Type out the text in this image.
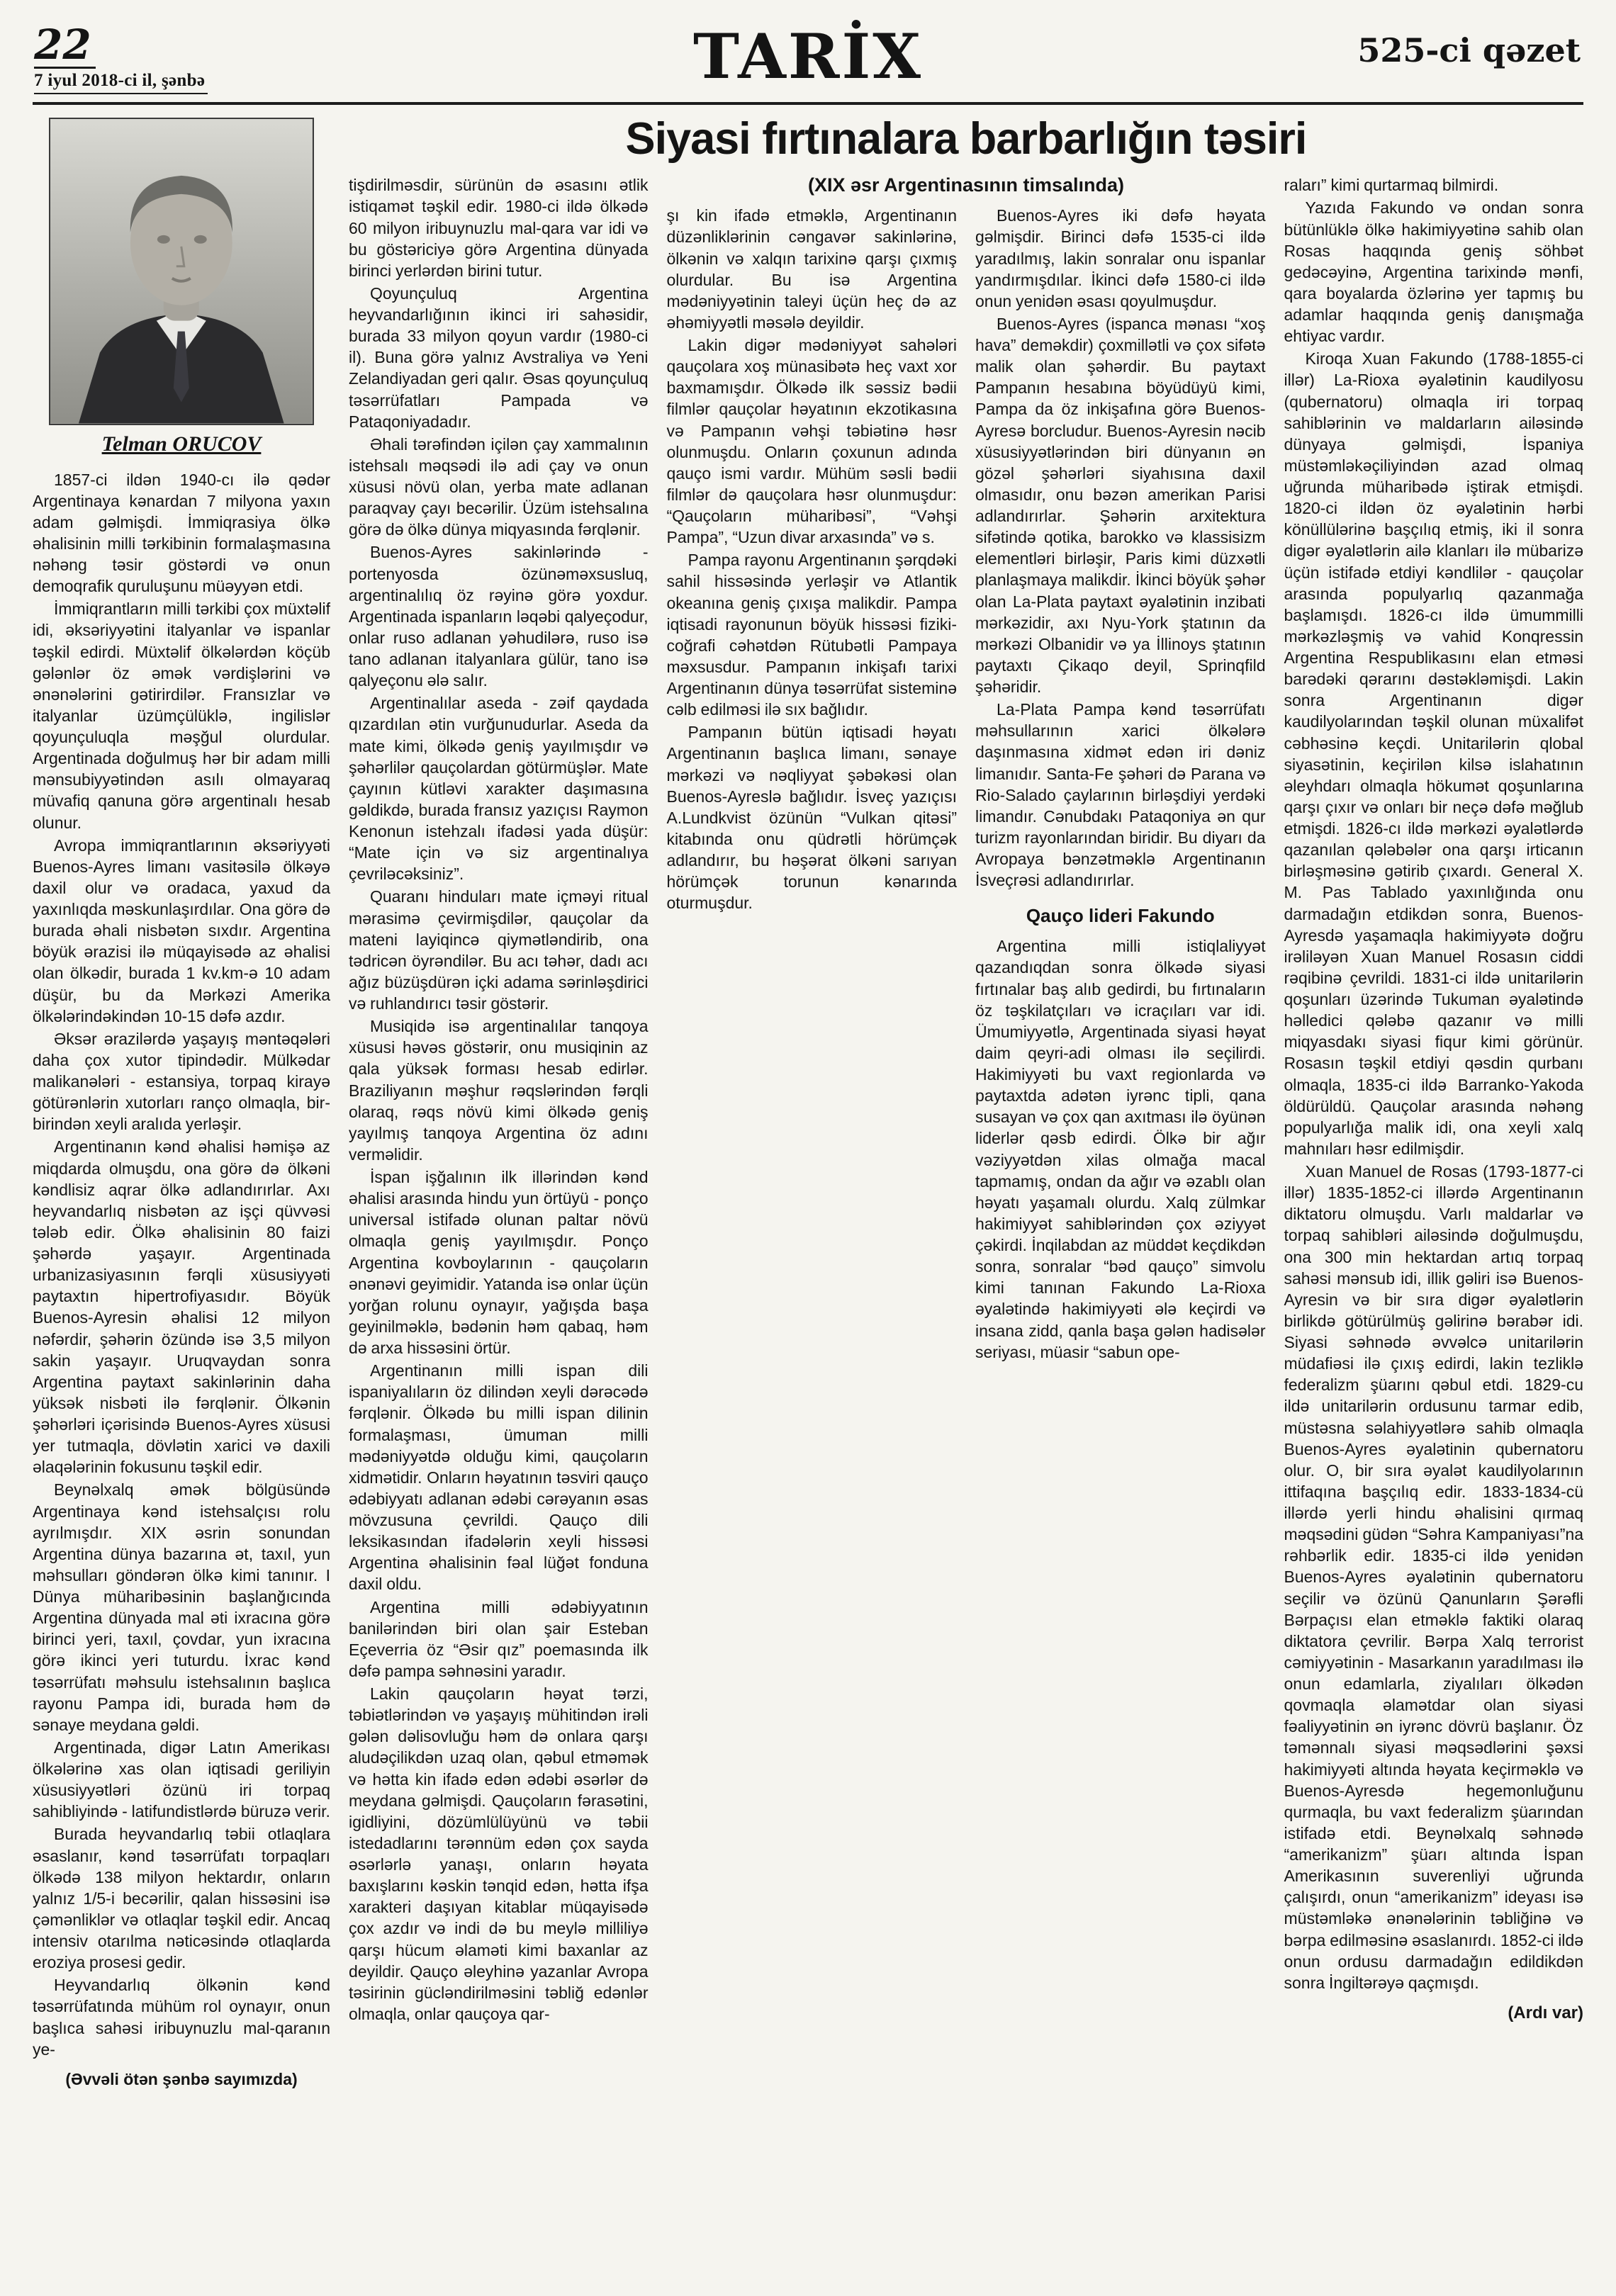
22
7 iyul 2018-ci il, şənbə	TARİX	525-ci qəzet
Telman ORUCOV

1857-ci ildən 1940-cı ilə qədər Argentinaya kənardan 7 milyona yaxın adam gəlmişdi. İmmiqrasiya ölkə əhalisinin milli tərkibinin formalaşmasına nəhəng təsir göstərdi və onun demoqrafik quruluşunu müəyyən etdi.

İmmiqrantların milli tərkibi çox müxtəlif idi, əksəriyyətini italyanlar və ispanlar təşkil edirdi. Müxtəlif ölkələrdən köçüb gələnlər öz əmək vərdişlərini və ənənələrini gətirirdilər. Fransızlar və italyanlar üzümçülüklə, ingilislər qoyunçuluqla məşğul olurdular. Argentinada doğulmuş hər bir adam milli mənsubiyyətindən asılı olmayaraq müvafiq qanuna görə argentinalı hesab olunur.

Avropa immiqrantlarının əksəriyyəti Buenos-Ayres limanı vasitəsilə ölkəyə daxil olur və oradaca, yaxud da yaxınlıqda məskunlaşırdılar. Ona görə də burada əhali nisbətən sıxdır. Argentina böyük ərazisi ilə müqayisədə az əhalisi olan ölkədir, burada 1 kv.km-ə 10 adam düşür, bu da Mərkəzi Amerika ölkələrindəkindən 10-15 dəfə azdır.

Əksər ərazilərdə yaşayış məntəqələri daha çox xutor tipindədir. Mülkədar malikanələri - estansiya, torpaq kirayə götürənlərin xutorları rançо olmaqla, bir-birindən xeyli aralıda yerləşir.

Argentinanın kənd əhalisi həmişə az miqdarda olmuşdu, ona görə də ölkəni kəndlisiz aqrar ölkə adlandırırlar. Axı heyvandarlıq nisbətən az işçi qüvvəsi tələb edir. Ölkə əhalisinin 80 faizi şəhərdə yaşayır. Argentinada urbanizasiyasının fərqli xüsusiyyəti paytaxtın hipertrofiyasıdır. Böyük Buenos-Ayresin əhalisi 12 milyon nəfərdir, şəhərin özündə isə 3,5 milyon sakin yaşayır. Uruqvaydan sonra Argentina paytaxt sakinlərinin daha yüksək nisbəti ilə fərqlənir. Ölkənin şəhərləri içərisində Buenos-Ayres xüsusi yer tutmaqla, dövlətin xarici və daxili əlaqələrinin fokusunu təşkil edir.

Beynəlxalq əmək bölgüsündə Argentinaya kənd istehsalçısı rolu ayrılmışdır. XIX əsrin sonundan Argentina dünya bazarına ət, taxıl, yun məhsulları göndərən ölkə kimi tanınır. I Dünya müharibəsinin başlanğıcında Argentina dünyada mal əti ixracına görə birinci yeri, taxıl, çovdar, yun ixracına görə ikinci yeri tuturdu. İxrac kənd təsərrüfatı məhsulu istehsalının başlıca rayonu Pampa idi, burada həm də sənaye meydana gəldi.

Argentinada, digər Latın Amerikası ölkələrinə xas olan iqtisadi geriliyin xüsusiyyətləri özünü iri torpaq sahibliyində - latifundistlərdə büruzə verir.

Burada heyvandarlıq təbii otlaqlara əsaslanır, kənd təsərrüfatı torpaqları ölkədə 138 milyon hektardır, onların yalnız 1/5-i becərilir, qalan hissəsini isə çəmənliklər və otlaqlar təşkil edir. Ancaq intensiv otarılma nəticəsində otlaqlarda eroziya prosesi gedir.

Heyvandarlıq ölkənin kənd təsərrüfatında mühüm rol oynayır, onun başlıca sahəsi iribuynuzlu mal-qaranın ye-

(Əvvəli ötən şənbə sayımızda)
Siyasi fırtınalara barbarlığın təsiri

tişdirilməsdir, sürünün də əsasını ətlik istiqamət təşkil edir. 1980-ci ildə ölkədə 60 milyon iribuynuzlu mal-qara var idi və bu göstəriciyə görə Argentina dünyada birinci yerlərdən birini tutur.

Qoyunçuluq Argentina heyvandarlığının ikinci iri sahəsidir, burada 33 milyon qoyun vardır (1980-ci il). Buna görə yalnız Avstraliya və Yeni Zelandiyadan geri qalır. Əsas qoyunçuluq təsərrüfatları Pampada və Pataqoniyadadır.

Əhali tərəfindən içilən çay xammalının istehsalı məqsədi ilə adi çay və onun xüsusi növü olan, yerba mate adlanan paraqvay çayı becərilir. Üzüm istehsalına görə də ölkə dünya miqyasında fərqlənir.

Buenos-Ayres sakinlərində - portenyosda özünəməxsusluq, argentinalılıq öz rəyinə görə yoxdur. Argentinada ispanların ləqəbi qalyeçodur, onlar ruso adlanan yəhudilərə, ruso isə tano adlanan italyanlara gülür, tano isə qalyeçonu ələ salır.

Argentinalılar aseda - zəif qaydada qızardılan ətin vurğunudurlar. Aseda da mate kimi, ölkədə geniş yayılmışdır və şəhərlilər qauçolardan götürmüşlər. Mate çayının kütləvi xarakter daşımasına gəldikdə, burada fransız yazıçısı Raymon Kenonun istehzalı ifadəsi yada düşür: “Mate için və siz argentinalıya çevriləcəksiniz”.

Quaranı hinduları mate içməyi ritual mərasimə çevirmişdilər, qauçolar da mateni layiqincə qiymətləndirib, ona tədricən öyrəndilər. Bu acı təhər, dadı acı ağız büzüşdürən içki adama sərinləşdirici və ruhlandırıcı təsir göstərir.

Musiqidə isə argentinalılar tanqoya xüsusi həvəs göstərir, onu musiqinin az qala yüksək forması hesab edirlər. Braziliyanın məşhur rəqslərindən fərqli olaraq, rəqs növü kimi ölkədə geniş yayılmış tanqoya Argentina öz adını verməlidir.

İspan işğalının ilk illərindən kənd əhalisi arasında hindu yun örtüyü - ponço universal istifadə olunan paltar növü olmaqla geniş yayılmışdır. Ponço Argentina kovboylarının - qauçoların ənənəvi geyimidir. Yatanda isə onlar üçün yorğan rolunu oynayır, yağışda başa geyinilməklə, bədənin həm qabaq, həm də arxa hissəsini örtür.

Argentinanın milli ispan dili ispaniyalıların öz dilindən xeyli dərəcədə fərqlənir. Ölkədə bu milli ispan dilinin formalaşması, ümuman milli mədəniyyətdə olduğu kimi, qauçoların xidmətidir. Onların həyatının təsviri qauço ədəbiyyatı adlanan ədəbi cərəyanın əsas mövzusuna çevrildi. Qauço dili leksikasından ifadələrin xeyli hissəsi Argentina əhalisinin fəal lüğət fonduna daxil oldu.

Argentina milli ədəbiyyatının banilərindən biri olan şair Esteban Eçeverria öz “Əsir qız” poemasında ilk dəfə pampa səhnəsini yaradır.

Lakin qauçoların həyat tərzi, təbiətlərindən və yaşayış mühitindən irəli gələn dəlisovluğu həm də onlara qarşı aludəçilikdən uzaq olan, qəbul etməmək və hətta kin ifadə edən ədəbi əsərlər də meydana gəlmişdi. Qauçoların fərasətini, igidliyini, dözümlülüyünü və təbii istedadlarını tərənnüm edən çox sayda əsərlərlə yanaşı, onların həyata baxışlarını kəskin tənqid edən, hətta ifşa xarakteri daşıyan kitablar müqayisədə çox azdır və indi də bu meylə milliliyə qarşı hücum əlaməti kimi baxanlar az deyildir. Qauço əleyhinə yazanlar Avropa təsirinin gücləndirilməsini təbliğ edənlər olmaqla, onlar qauçoya qar-

(XIX əsr Argentinasının timsalında)

şı kin ifadə etməklə, Argentinanın düzənliklərinin cəngavər sakinlərinə, ölkənin və xalqın tarixinə qarşı çıxmış olurdular. Bu isə Argentina mədəniyyətinin taleyi üçün heç də az əhəmiyyətli məsələ deyildir.

Lakin digər mədəniyyət sahələri qauçolara xoş münasibətə heç vaxt xor baxmamışdır. Ölkədə ilk səssiz bədii filmlər qauçolar həyatının ekzotikasına və Pampanın vəhşi təbiətinə həsr olunmuşdu. Onların çoxunun adında qauço ismi vardır. Mühüm səsli bədii filmlər də qauçolara həsr olunmuşdur: “Qauçoların müharibəsi”, “Vəhşi Pampa”, “Uzun divar arxasında” və s.

Pampa rayonu Argentinanın şərqdəki sahil hissəsində yerləşir və Atlantik okeanına geniş çıxışa malikdir. Pampa iqtisadi rayonunun böyük hissəsi fiziki-coğrafi cəhətdən Rütubətli Pampaya məxsusdur. Pampanın inkişafı tarixi Argentinanın dünya təsərrüfat sisteminə cəlb edilməsi ilə sıx bağlıdır.

Pampanın bütün iqtisadi həyatı Argentinanın başlıca limanı, sənaye mərkəzi və nəqliyyat şəbəkəsi olan Buenos-Ayreslə bağlıdır. İsveç yazıçısı A.Lundkvist özünün “Vulkan qitəsi” kitabında onu qüdrətli hörümçək adlandırır, bu həşərat ölkəni sarıyan hörümçək torunun kənarında oturmuşdur.

Buenos-Ayres iki dəfə həyata gəlmişdir. Birinci dəfə 1535-ci ildə yaradılmış, lakin sonralar onu ispanlar yandırmışdılar. İkinci dəfə 1580-ci ildə onun yenidən əsası qoyulmuşdur.

Buenos-Ayres (ispanca mənası “xoş hava” deməkdir) çoxmillətli və çox sifətə malik olan şəhərdir. Bu paytaxt Pampanın hesabına böyüdüyü kimi, Pampa da öz inkişafına görə Buenos-Ayresə borcludur. Buenos-Ayresin nəcib xüsusiyyətlərindən biri dünyanın ən gözəl şəhərləri siyahısına daxil olmasıdır, onu bəzən amerikan Parisi adlandırırlar. Şəhərin arxitektura sifətində qotika, barokko və klassisizm elementləri birləşir, Paris kimi düzxətli planlaşmaya malikdir. İkinci böyük şəhər olan La-Plata paytaxt əyalətinin inzibati mərkəzidir, axı Nyu-York ştatının da mərkəzi Olbanidir və ya İllinoys ştatının paytaxtı Çikaqo deyil, Sprinqfild şəhəridir.

La-Plata Pampa kənd təsərrüfatı məhsullarının xarici ölkələrə daşınmasına xidmət edən iri dəniz limanıdır. Santa-Fe şəhəri də Parana və Rio-Salado çaylarının birləşdiyi yerdəki limandır. Cənubdakı Pataqoniya ən qur turizm rayonlarından biridir. Bu diyarı da Avropaya bənzətməklə Argentinanın İsveçrəsi adlandırırlar.

Qauço lideri Fakundo

Argentina milli istiqlaliyyət qazandıqdan sonra ölkədə siyasi fırtınalar baş alıb gedirdi, bu fırtınaların öz təşkilatçıları və icraçıları var idi. Ümumiyyətlə, Argentinada siyasi həyat daim qeyri-adi olması ilə seçilirdi. Hakimiyyəti bu vaxt regionlarda və paytaxtda adətən iyrənc tipli, qana susayan və çox qan axıtması ilə öyünən liderlər qəsb edirdi. Ölkə bir ağır vəziyyətdən xilas olmağa macal tapmamış, ondan da ağır və əzablı olan həyatı yaşamalı olurdu. Xalq zülmkar hakimiyyət sahiblərindən çox əziyyət çəkirdi. İnqilabdan az müddət keçdikdən sonra, sonralar “bəd qauço” simvolu kimi tanınan Fakundo La-Rioxa əyalətində hakimiyyəti ələ keçirdi və insana zidd, qanla başa gələn hadisələr seriyası, müasir “sabun ope-

raları” kimi qurtarmaq bilmirdi.

Yazıda Fakundo və ondan sonra bütünlüklə ölkə hakimiyyətinə sahib olan Rosas haqqında geniş söhbət gedəcəyinə, Argentina tarixində mənfi, qara boyalarda özlərinə yer tapmış bu adamlar haqqında geniş danışmağa ehtiyac vardır.

Kiroqa Xuan Fakundo (1788-1855-ci illər) La-Rioxa əyalətinin kaudilyosu (qubernatoru) olmaqla iri torpaq sahiblərinin və maldarların ailəsində dünyaya gəlmişdi, İspaniya müstəmləkəçiliyindən azad olmaq uğrunda müharibədə iştirak etmişdi. 1820-ci ildən öz əyalətinin hərbi könüllülərinə başçılıq etmiş, iki il sonra digər əyalətlərin ailə klanları ilə mübarizə üçün istifadə etdiyi kəndlilər - qauçolar arasında populyarlıq qazanmağa başlamışdı. 1826-cı ildə ümummilli mərkəzləşmiş və vahid Konqressin Argentina Respublikasını elan etməsi barədəki qərarını dəstəkləmişdi. Lakin sonra Argentinanın digər kaudilyolarından təşkil olunan müxalifət cəbhəsinə keçdi. Unitarilərin qlobal siyasətinin, keçirilən kilsə islahatının əleyhdarı olmaqla hökumət qoşunlarına qarşı çıxır və onları bir neçə dəfə məğlub etmişdi. 1826-cı ildə mərkəzi əyalətlərdə qazanılan qələbələr ona qarşı irticanın birləşməsinə gətirib çıxardı. General X. M. Pas Tablado yaxınlığında onu darmadağın etdikdən sonra, Buenos-Ayresdə yaşamaqla hakimiyyətə doğru irəliləyən Xuan Manuel Rosasın ciddi rəqibinə çevrildi. 1831-ci ildə unitarilərin qoşunları üzərində Tukuman əyalətində həlledici qələbə qazanır və milli miqyasdakı siyasi fiqur kimi görünür. Rosasın təşkil etdiyi qəsdin qurbanı olmaqla, 1835-ci ildə Barranko-Yakoda öldürüldü. Qauçolar arasında nəhəng populyarlığa malik idi, ona xeyli xalq mahnıları həsr edilmişdir.

Xuan Manuel de Rosas (1793-1877-ci illər) 1835-1852-ci illərdə Argentinanın diktatoru olmuşdu. Varlı maldarlar və torpaq sahibləri ailəsində doğulmuşdu, ona 300 min hektardan artıq torpaq sahəsi mənsub idi, illik gəliri isə Buenos-Ayresin və bir sıra digər əyalətlərin birlikdə götürülmüş gəlirinə bərabər idi. Siyasi səhnədə əvvəlcə unitarilərin müdafiəsi ilə çıxış edirdi, lakin tezliklə federalizm şüarını qəbul etdi. 1829-cu ildə unitarilərin ordusunu tarmar edib, müstəsna səlahiyyətlərə sahib olmaqla Buenos-Ayres əyalətinin qubernatoru olur. O, bir sıra əyalət kaudilyolarının ittifaqına başçılıq edir. 1833-1834-cü illərdə yerli hindu əhalisini qırmaq məqsədini güdən “Səhra Kampaniyası”na rəhbərlik edir. 1835-ci ildə yenidən Buenos-Ayres əyalətinin qubernatoru seçilir və özünü Qanunların Şərəfli Bərpaçısı elan etməklə faktiki olaraq diktatora çevrilir. Bərpa Xalq terrorist cəmiyyətinin - Masarkanın yaradılması ilə onun edamlarla, ziyalıları ölkədən qovmaqla əlamətdar olan siyasi fəaliyyətinin ən iyrənc dövrü başlanır. Öz təmənnalı siyasi məqsədlərini şəxsi hakimiyyəti altında həyata keçirməklə və Buenos-Ayresdə hegemonluğunu qurmaqla, bu vaxt federalizm şüarından istifadə etdi. Beynəlxalq səhnədə “amerikanizm” şüarı altında İspan Amerikasının suverenliyi uğrunda çalışırdı, onun “amerikanizm” ideyası isə müstəmləkə ənənələrinin təbliğinə və bərpa edilməsinə əsaslanırdı. 1852-ci ildə onun ordusu darmadağın edildikdən sonra İngiltərəyə qaçmışdı.

(Ardı var)
